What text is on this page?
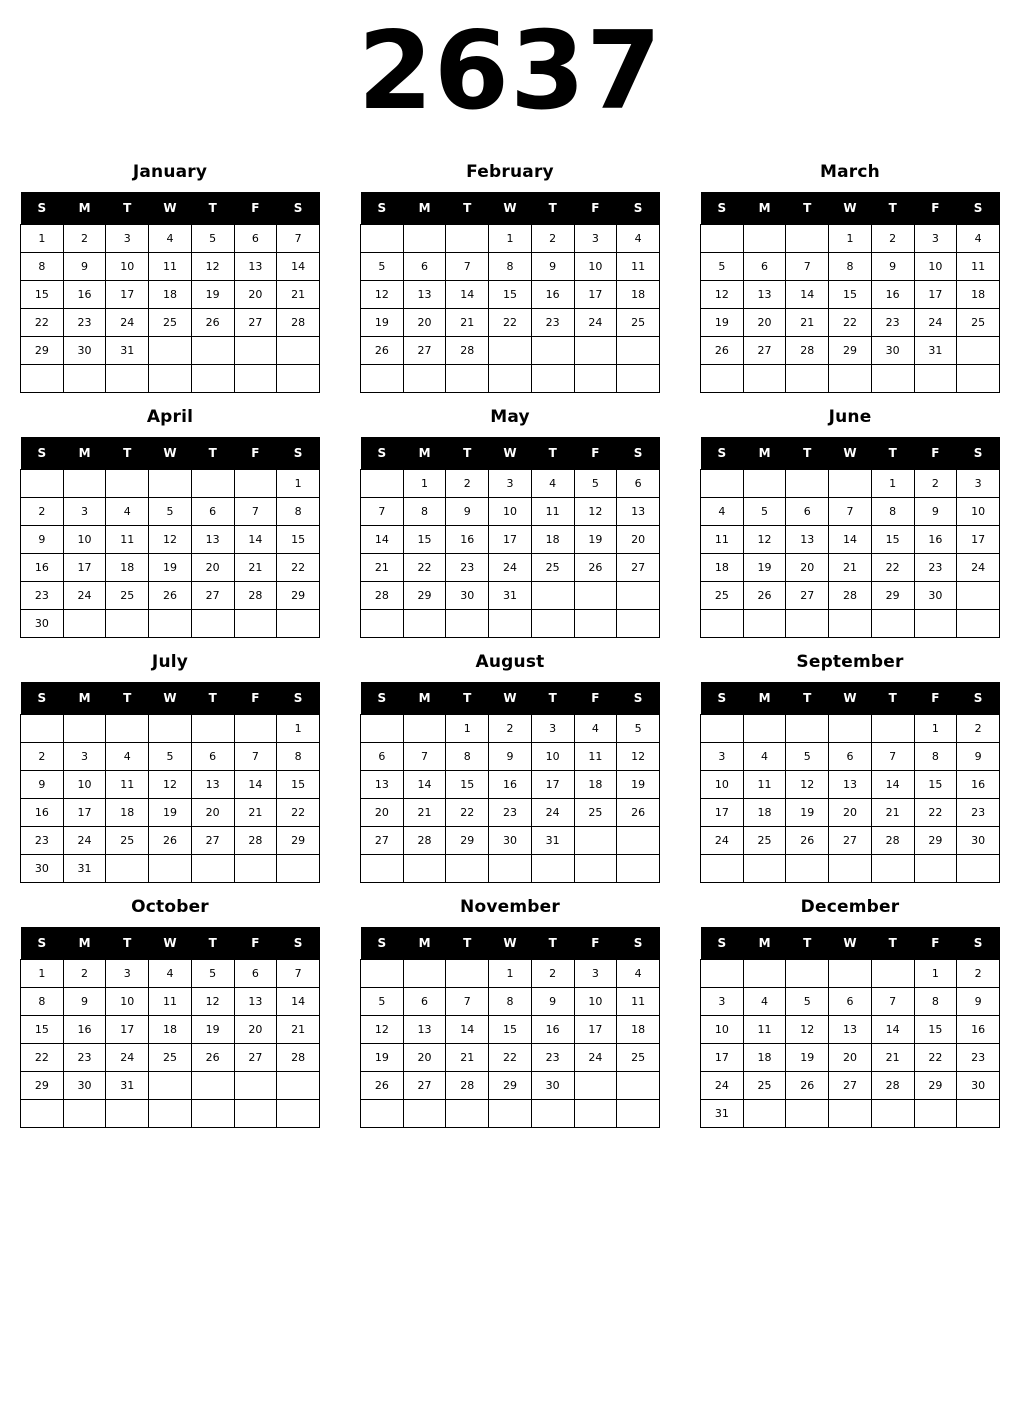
2637
January
S	M	T	W	T	F	S
1	2	3	4	5	6	7
8	9	10	11	12	13	14
15	16	17	18	19	20	21
22	23	24	25	26	27	28
29	30	31				

February
S	M	T	W	T	F	S
			1	2	3	4
5	6	7	8	9	10	11
12	13	14	15	16	17	18
19	20	21	22	23	24	25
26	27	28				

March
S	M	T	W	T	F	S
			1	2	3	4
5	6	7	8	9	10	11
12	13	14	15	16	17	18
19	20	21	22	23	24	25
26	27	28	29	30	31	

April
S	M	T	W	T	F	S
						1
2	3	4	5	6	7	8
9	10	11	12	13	14	15
16	17	18	19	20	21	22
23	24	25	26	27	28	29
30						
May
S	M	T	W	T	F	S
	1	2	3	4	5	6
7	8	9	10	11	12	13
14	15	16	17	18	19	20
21	22	23	24	25	26	27
28	29	30	31			

June
S	M	T	W	T	F	S
				1	2	3
4	5	6	7	8	9	10
11	12	13	14	15	16	17
18	19	20	21	22	23	24
25	26	27	28	29	30	

July
S	M	T	W	T	F	S
						1
2	3	4	5	6	7	8
9	10	11	12	13	14	15
16	17	18	19	20	21	22
23	24	25	26	27	28	29
30	31					
August
S	M	T	W	T	F	S
		1	2	3	4	5
6	7	8	9	10	11	12
13	14	15	16	17	18	19
20	21	22	23	24	25	26
27	28	29	30	31		

September
S	M	T	W	T	F	S
					1	2
3	4	5	6	7	8	9
10	11	12	13	14	15	16
17	18	19	20	21	22	23
24	25	26	27	28	29	30

October
S	M	T	W	T	F	S
1	2	3	4	5	6	7
8	9	10	11	12	13	14
15	16	17	18	19	20	21
22	23	24	25	26	27	28
29	30	31				

November
S	M	T	W	T	F	S
			1	2	3	4
5	6	7	8	9	10	11
12	13	14	15	16	17	18
19	20	21	22	23	24	25
26	27	28	29	30		

December
S	M	T	W	T	F	S
					1	2
3	4	5	6	7	8	9
10	11	12	13	14	15	16
17	18	19	20	21	22	23
24	25	26	27	28	29	30
31						
